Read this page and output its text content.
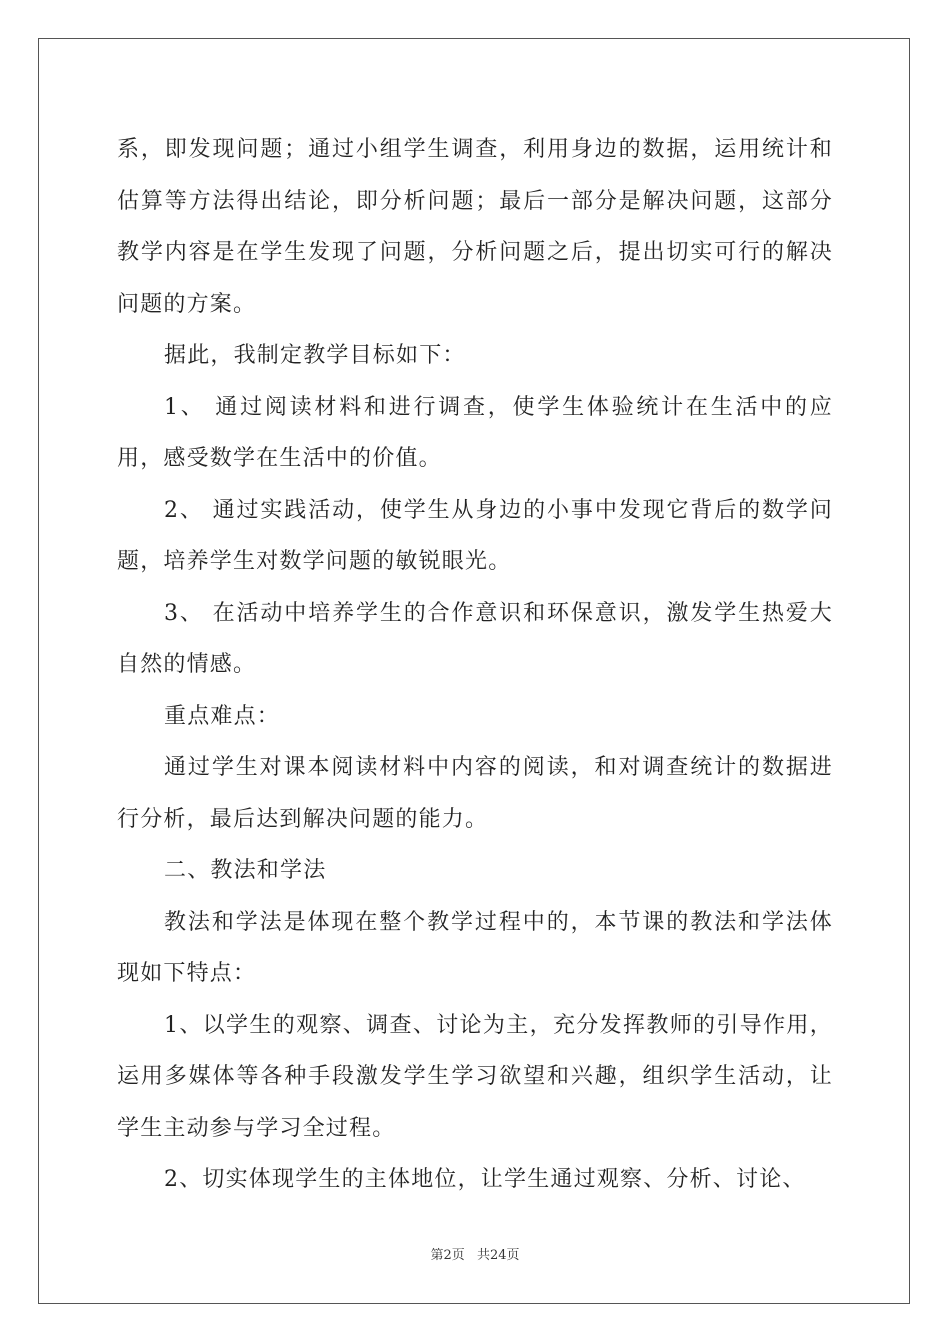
系，即发现问题；通过小组学生调查，利用身边的数据，运用统计和估算等方法得出结论，即分析问题；最后一部分是解决问题，这部分教学内容是在学生发现了问题，分析问题之后，提出切实可行的解决问题的方案。

据此，我制定教学目标如下：

1、 通过阅读材料和进行调查，使学生体验统计在生活中的应用，感受数学在生活中的价值。

2、 通过实践活动，使学生从身边的小事中发现它背后的数学问题，培养学生对数学问题的敏锐眼光。

3、 在活动中培养学生的合作意识和环保意识，激发学生热爱大自然的情感。

重点难点：

通过学生对课本阅读材料中内容的阅读，和对调查统计的数据进行分析，最后达到解决问题的能力。

二、教法和学法

教法和学法是体现在整个教学过程中的，本节课的教法和学法体现如下特点：

1、以学生的观察、调查、讨论为主，充分发挥教师的引导作用，运用多媒体等各种手段激发学生学习欲望和兴趣，组织学生活动，让学生主动参与学习全过程。

2、切实体现学生的主体地位，让学生通过观察、分析、讨论、

第2页 共24页
